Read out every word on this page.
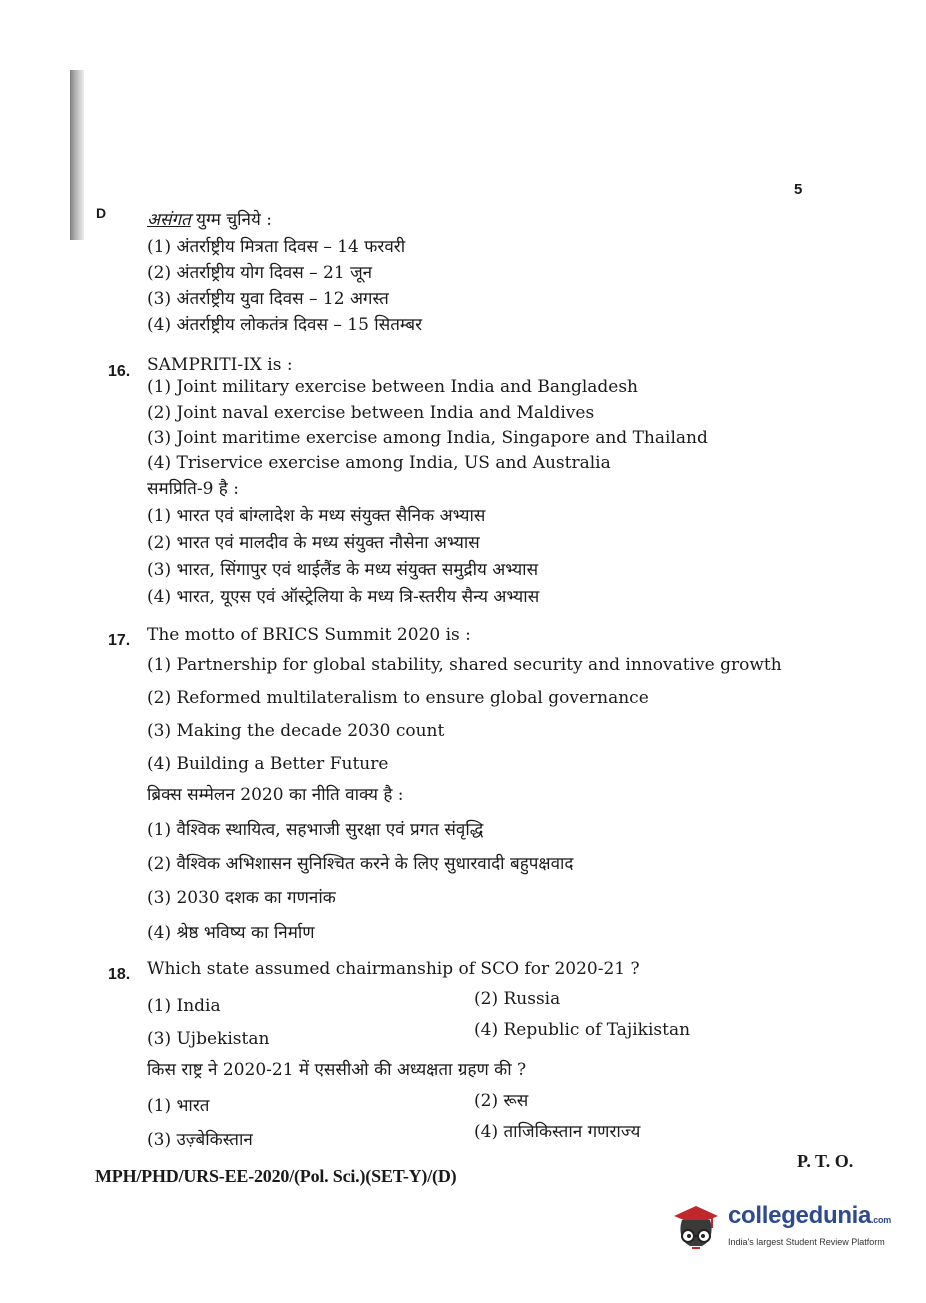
5
D असंगत युग्म चुनिये :
(1) अंतर्राष्ट्रीय मित्रता दिवस – 14 फरवरी
(2) अंतर्राष्ट्रीय योग दिवस – 21 जून
(3) अंतर्राष्ट्रीय युवा दिवस – 12 अगस्त
(4) अंतर्राष्ट्रीय लोकतंत्र दिवस – 15 सितम्बर
16. SAMPRITI-IX is :
(1) Joint military exercise between India and Bangladesh
(2) Joint naval exercise between India and Maldives
(3) Joint maritime exercise among India, Singapore and Thailand
(4) Triservice exercise among India, US and Australia
समप्रिति-9 है :
(1) भारत एवं बांग्लादेश के मध्य संयुक्त सैनिक अभ्यास
(2) भारत एवं मालदीव के मध्य संयुक्त नौसेना अभ्यास
(3) भारत, सिंगापुर एवं थाईलैंड के मध्य संयुक्त समुद्रीय अभ्यास
(4) भारत, यूएस एवं ऑस्ट्रेलिया के मध्य त्रि-स्तरीय सैन्य अभ्यास
17. The motto of BRICS Summit 2020 is :
(1) Partnership for global stability, shared security and innovative growth
(2) Reformed multilateralism to ensure global governance
(3) Making the decade 2030 count
(4) Building a Better Future
ब्रिक्स सम्मेलन 2020 का नीति वाक्य है :
(1) वैश्विक स्थायित्व, सहभाजी सुरक्षा एवं प्रगत संवृद्धि
(2) वैश्विक अभिशासन सुनिश्चित करने के लिए सुधारवादी बहुपक्षवाद
(3) 2030 दशक का गणनांक
(4) श्रेष्ठ भविष्य का निर्माण
18. Which state assumed chairmanship of SCO for 2020-21 ?
(1) India	(2) Russia
(3) Ujbekistan	(4) Republic of Tajikistan
किस राष्ट्र ने 2020-21 में एससीओ की अध्यक्षता ग्रहण की ?
(1) भारत	(2) रूस
(3) उज़्बेकिस्तान	(4) ताजिकिस्तान गणराज्य
MPH/PHD/URS-EE-2020/(Pol. Sci.)(SET-Y)/(D)
P. T. O.
collegedunia.com
India's largest Student Review Platform
